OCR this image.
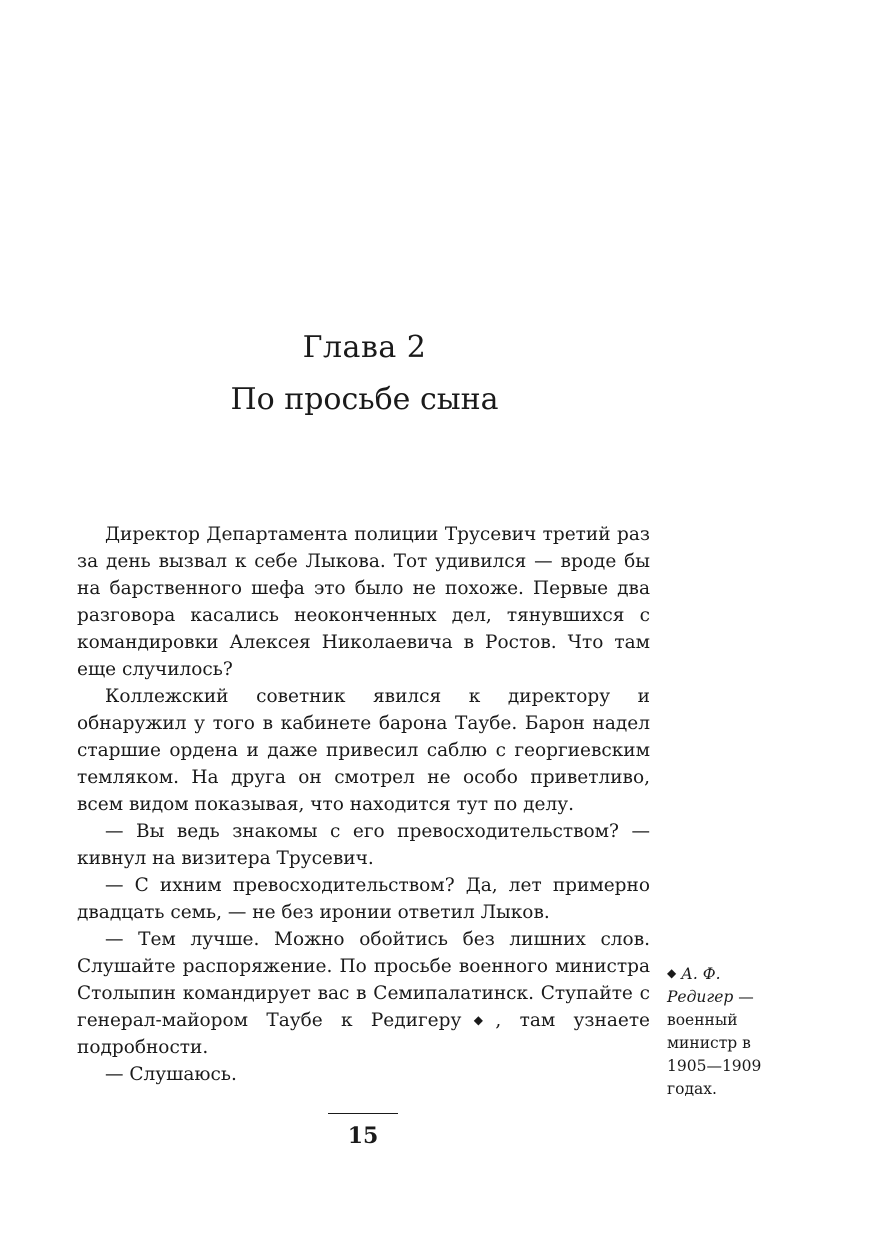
Глава 2
По просьбе сына

Директор Департамента полиции Трусевич третий раз за день вызвал к себе Лыкова. Тот удивился — вроде бы на барственного шефа это было не похоже. Первые два разговора касались неоконченных дел, тянувшихся с командировки Алексея Николаевича в Ростов. Что там еще случилось?

Коллежский советник явился к директору и обнаружил у того в кабинете барона Таубе. Барон надел старшие ордена и даже привесил саблю с георгиевским темляком. На друга он смотрел не особо приветливо, всем видом показывая, что находится тут по делу.

— Вы ведь знакомы с его превосходительством? — кивнул на визитера Трусевич.

— С ихним превосходительством? Да, лет примерно двадцать семь, — не без иронии ответил Лыков.

— Тем лучше. Можно обойтись без лишних слов. Слушайте распоряжение. По просьбе военного министра Столыпин командирует вас в Семипалатинск. Ступайте с генерал-майором Таубе к Редигеру◆, там узнаете подробности.

— Слушаюсь.

◆ А. Ф. Редигер — военный министр в 1905—1909 годах.
15
